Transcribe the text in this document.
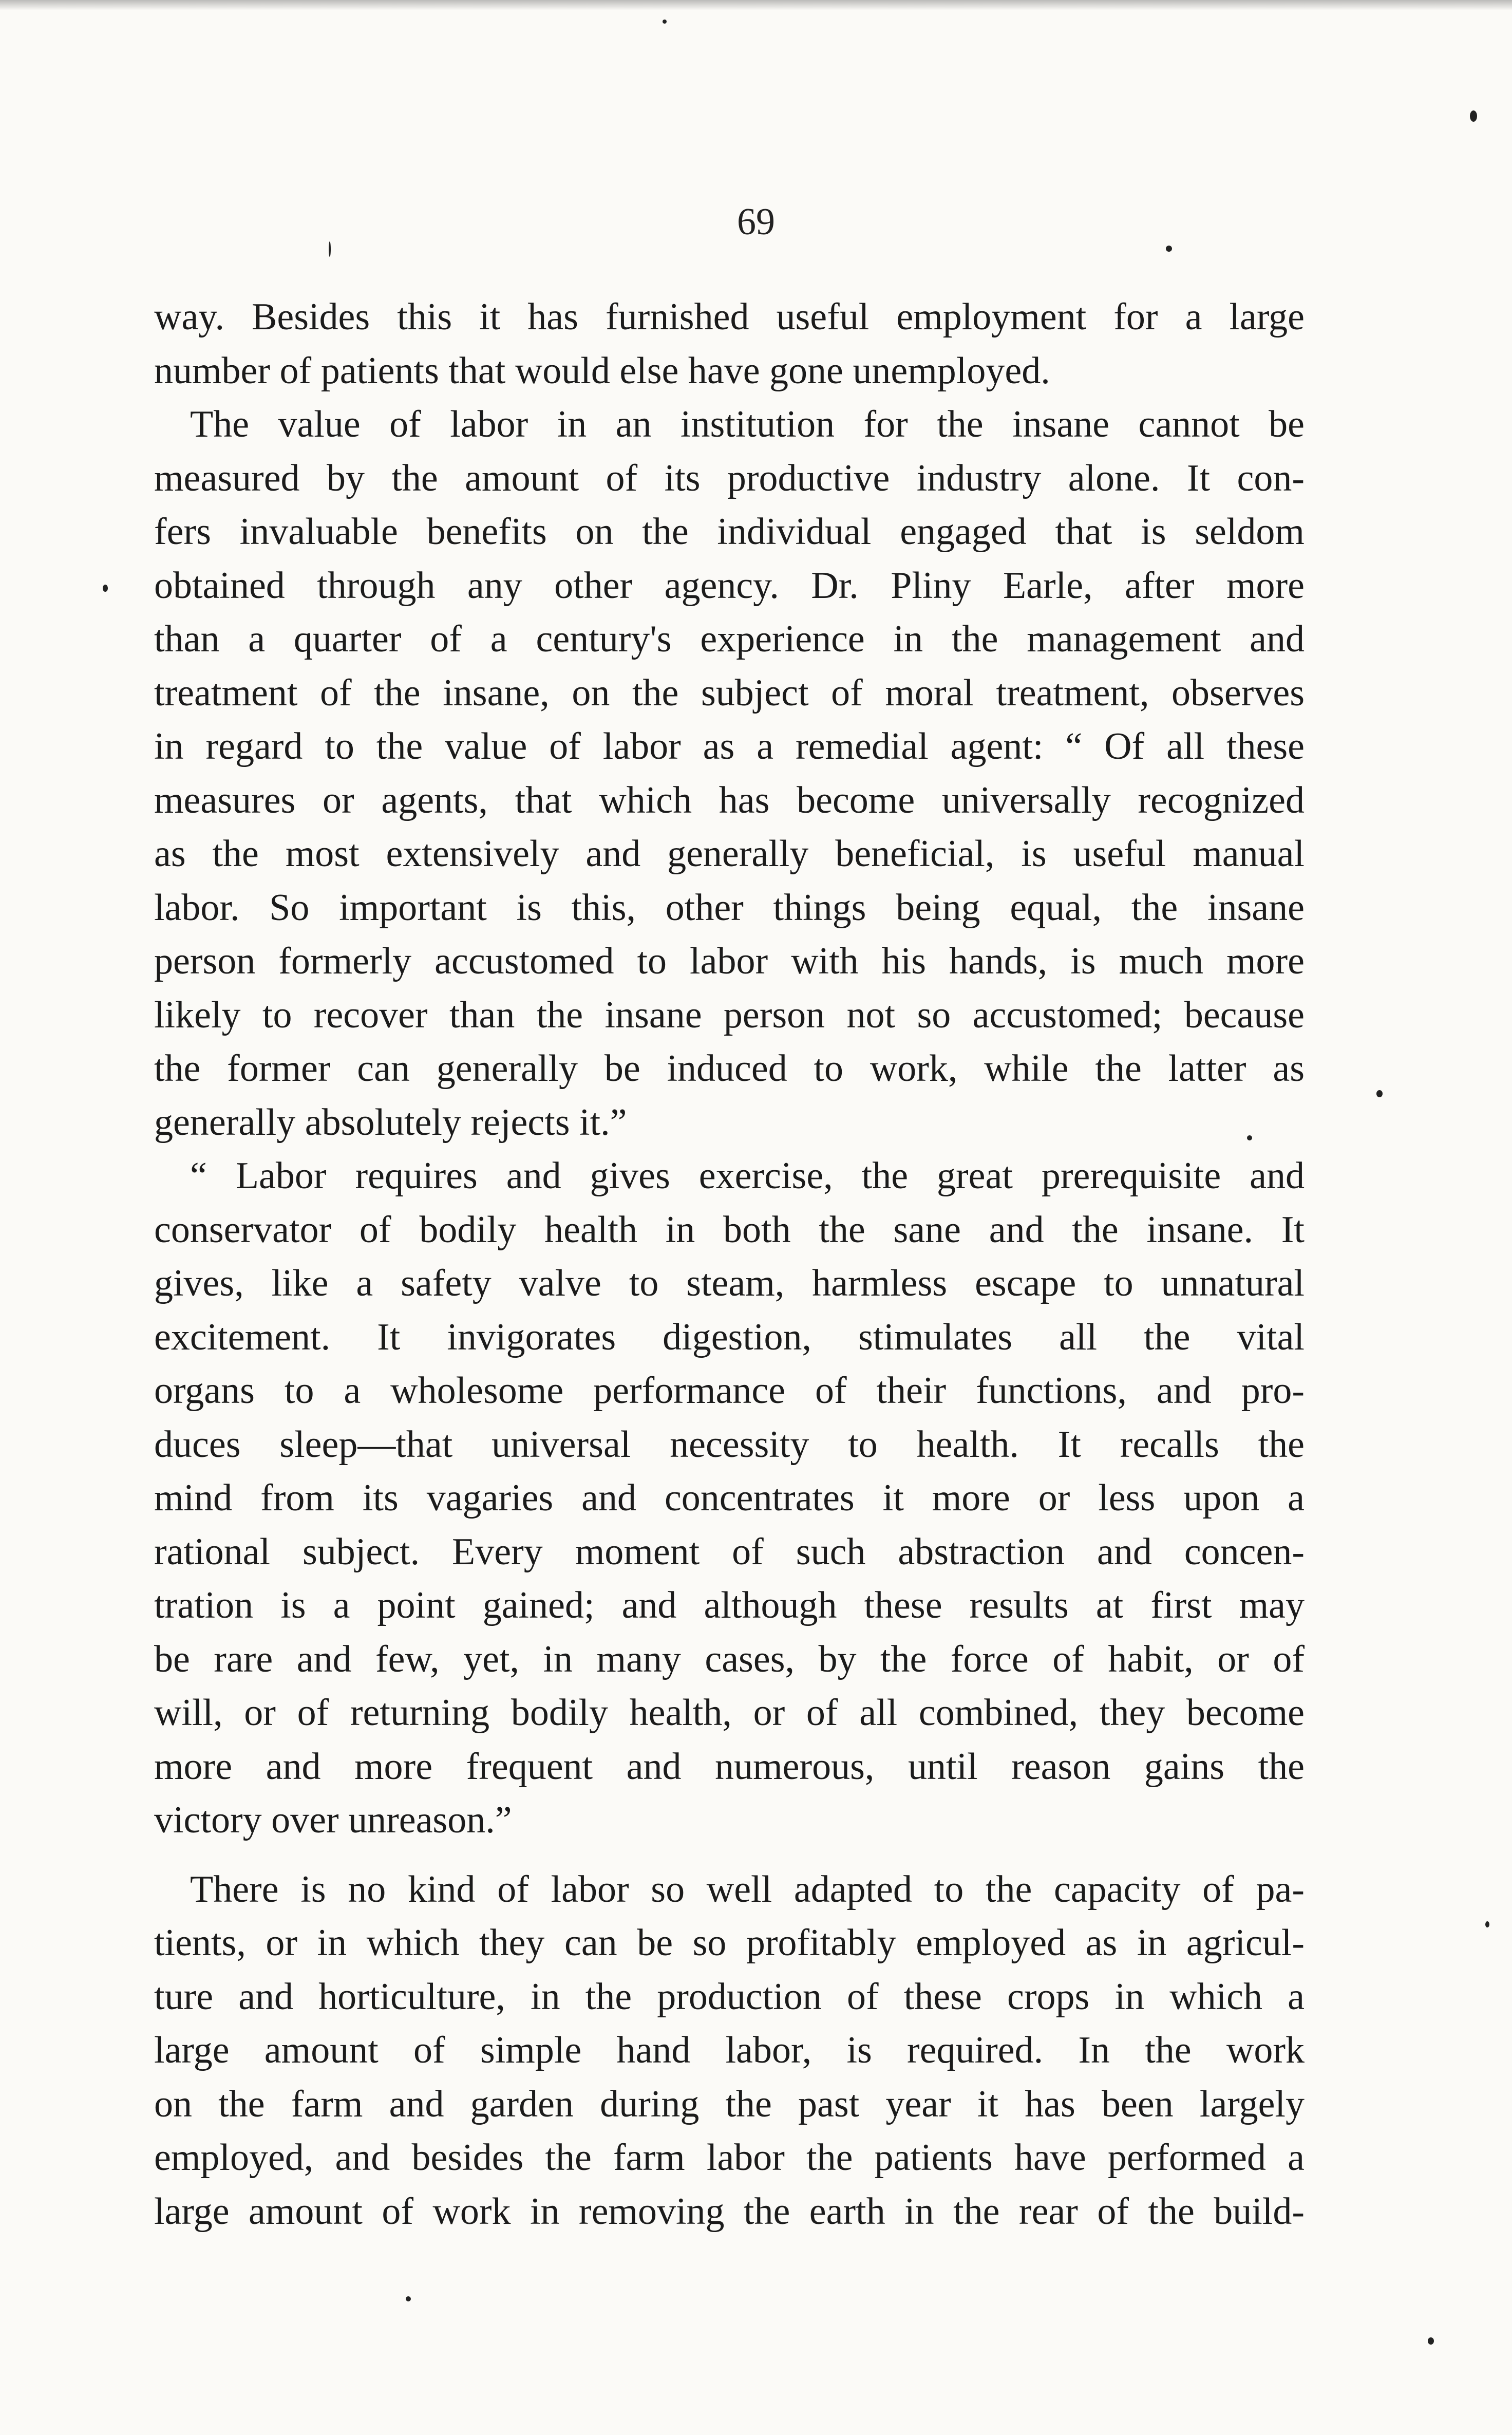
69
way. Besides this it has furnished useful employment for a large
number of patients that would else have gone unemployed.
The value of labor in an institution for the insane cannot be
measured by the amount of its productive industry alone. It con-
fers invaluable benefits on the individual engaged that is seldom
obtained through any other agency. Dr. Pliny Earle, after more
than a quarter of a century's experience in the management and
treatment of the insane, on the subject of moral treatment, observes
in regard to the value of labor as a remedial agent: “ Of all these
measures or agents, that which has become universally recognized
as the most extensively and generally beneficial, is useful manual
labor. So important is this, other things being equal, the insane
person formerly accustomed to labor with his hands, is much more
likely to recover than the insane person not so accustomed; because
the former can generally be induced to work, while the latter as
generally absolutely rejects it.”
“ Labor requires and gives exercise, the great prerequisite and
conservator of bodily health in both the sane and the insane. It
gives, like a safety valve to steam, harmless escape to unnatural
excitement. It invigorates digestion, stimulates all the vital
organs to a wholesome performance of their functions, and pro-
duces sleep—that universal necessity to health. It recalls the
mind from its vagaries and concentrates it more or less upon a
rational subject. Every moment of such abstraction and concen-
tration is a point gained; and although these results at first may
be rare and few, yet, in many cases, by the force of habit, or of
will, or of returning bodily health, or of all combined, they become
more and more frequent and numerous, until reason gains the
victory over unreason.”
There is no kind of labor so well adapted to the capacity of pa-
tients, or in which they can be so profitably employed as in agricul-
ture and horticulture, in the production of these crops in which a
large amount of simple hand labor, is required. In the work
on the farm and garden during the past year it has been largely
employed, and besides the farm labor the patients have performed a
large amount of work in removing the earth in the rear of the build-
